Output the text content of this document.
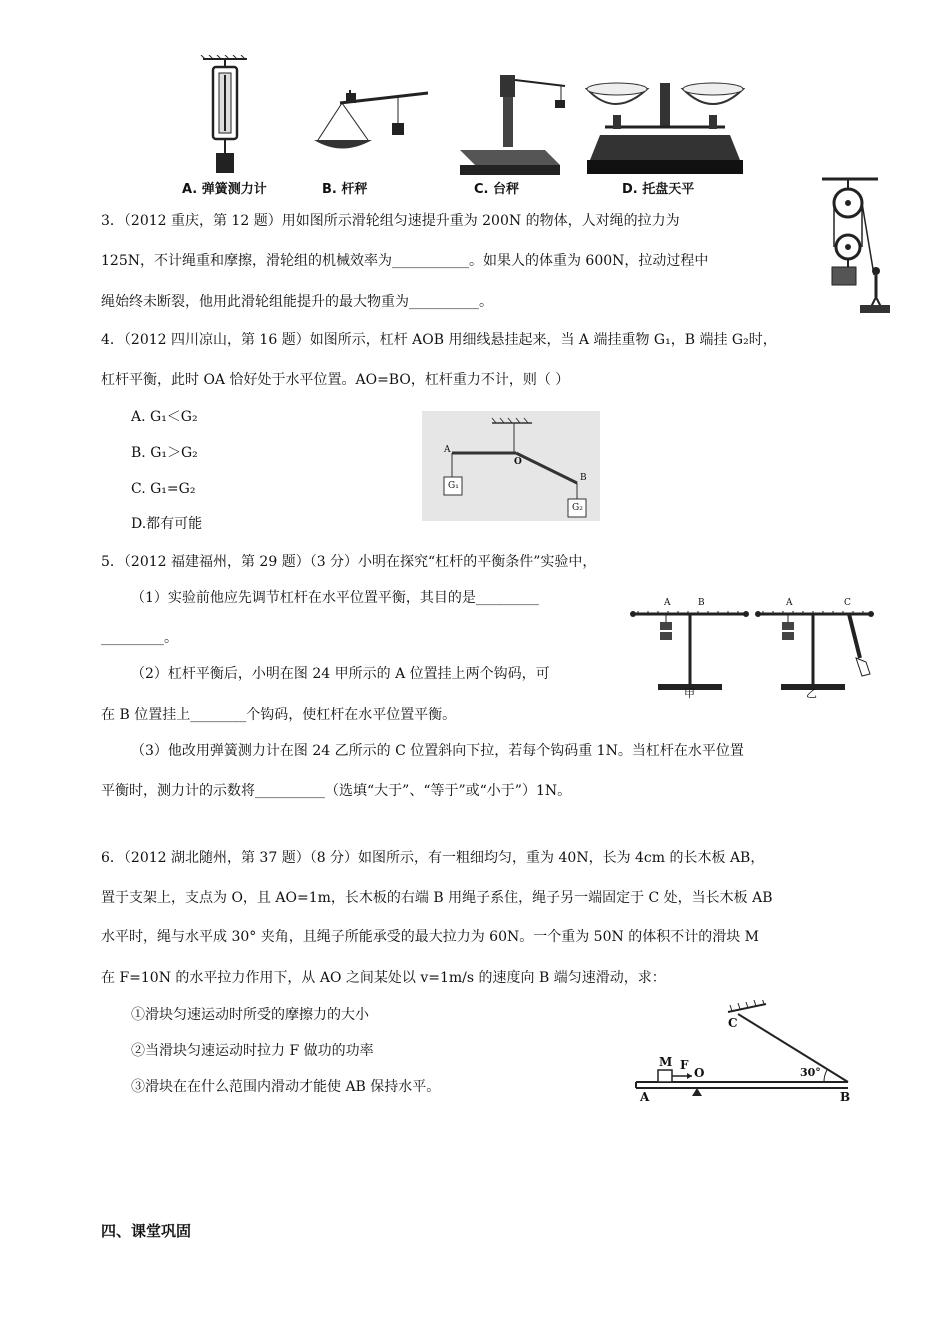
A. 弹簧测力计	B. 杆秤	C. 台秤	D. 托盘天平
3．（2012 重庆，第 12 题）用如图所示滑轮组匀速提升重为 200N 的物体，人对绳的拉力为
125N，不计绳重和摩擦，滑轮组的机械效率为___________。如果人的体重为 600N，拉动过程中
绳始终未断裂，他用此滑轮组能提升的最大物重为__________。
4．（2012 四川凉山，第 16 题）如图所示，杠杆 AOB 用细线悬挂起来，当 A 端挂重物 G₁，B 端挂 G₂时，
杠杆平衡，此时 OA 恰好处于水平位置。AO=BO，杠杆重力不计，则（ ）
A. G₁＜G₂
B. G₁＞G₂
C. G₁=G₂
D.都有可能
A
O
B
G₁
G₂
5．（2012 福建福州，第 29 题）（3 分）小明在探究“杠杆的平衡条件”实验中，
（1）实验前他应先调节杠杆在水平位置平衡，其目的是_________
_________。
（2）杠杆平衡后，小明在图 24 甲所示的 A 位置挂上两个钩码，可
在 B 位置挂上________个钩码，使杠杆在水平位置平衡。
（3）他改用弹簧测力计在图 24 乙所示的 C 位置斜向下拉，若每个钩码重 1N。当杠杆在水平位置
平衡时，测力计的示数将__________（选填“大于”、“等于”或“小于”）1N。
A	B	A	C
甲	乙
6．（2012 湖北随州，第 37 题）（8 分）如图所示，有一粗细均匀，重为 40N，长为 4cm 的长木板 AB，
置于支架上，支点为 O，且 AO=1m，长木板的右端 B 用绳子系住，绳子另一端固定于 C 处，当长木板 AB
水平时，绳与水平成 30° 夹角，且绳子所能承受的最大拉力为 60N。一个重为 50N 的体积不计的滑块 M
在 F=10N 的水平拉力作用下，从 AO 之间某处以 v=1m/s 的速度向 B 端匀速滑动，求：
①滑块匀速运动时所受的摩擦力的大小
②当滑块匀速运动时拉力 F 做功的功率
③滑块在在什么范围内滑动才能使 AB 保持水平。
C
M F
O	30°
A	B
四、课堂巩固
